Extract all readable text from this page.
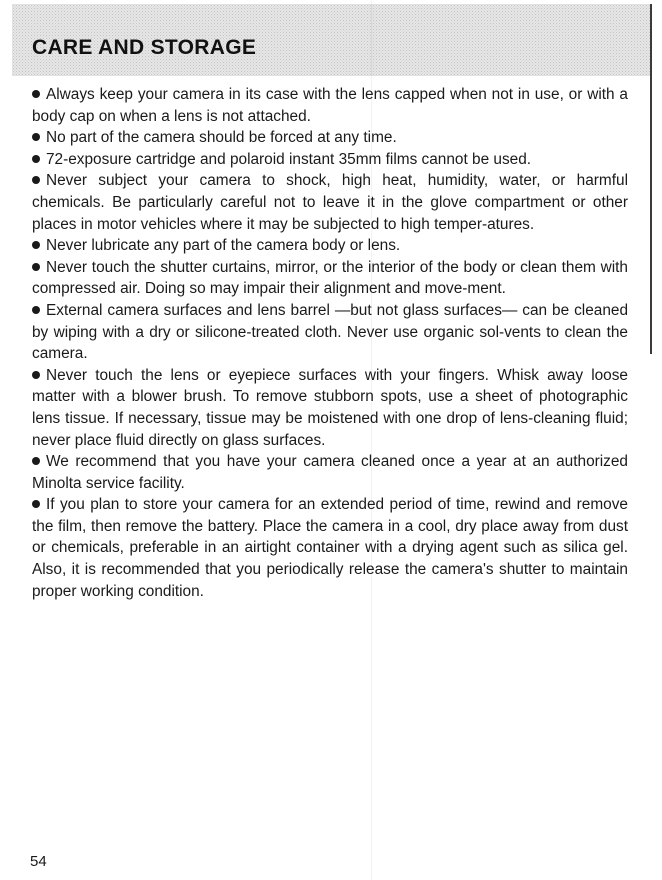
CARE AND STORAGE

Always keep your camera in its case with the lens capped when not in use, or with a body cap on when a lens is not attached.

No part of the camera should be forced at any time.

72-exposure cartridge and polaroid instant 35mm films cannot be used.

Never subject your camera to shock, high heat, humidity, water, or harmful chemicals. Be particularly careful not to leave it in the glove compartment or other places in motor vehicles where it may be subjected to high temper-atures.

Never lubricate any part of the camera body or lens.

Never touch the shutter curtains, mirror, or the interior of the body or clean them with compressed air. Doing so may impair their alignment and move-ment.

External camera surfaces and lens barrel —but not glass surfaces— can be cleaned by wiping with a dry or silicone-treated cloth. Never use organic sol-vents to clean the camera.

Never touch the lens or eyepiece surfaces with your fingers. Whisk away loose matter with a blower brush. To remove stubborn spots, use a sheet of photographic lens tissue. If necessary, tissue may be moistened with one drop of lens-cleaning fluid; never place fluid directly on glass surfaces.

We recommend that you have your camera cleaned once a year at an authorized Minolta service facility.

If you plan to store your camera for an extended period of time, rewind and remove the film, then remove the battery. Place the camera in a cool, dry place away from dust or chemicals, preferable in an airtight container with a drying agent such as silica gel. Also, it is recommended that you periodically release the camera's shutter to maintain proper working condition.

54
